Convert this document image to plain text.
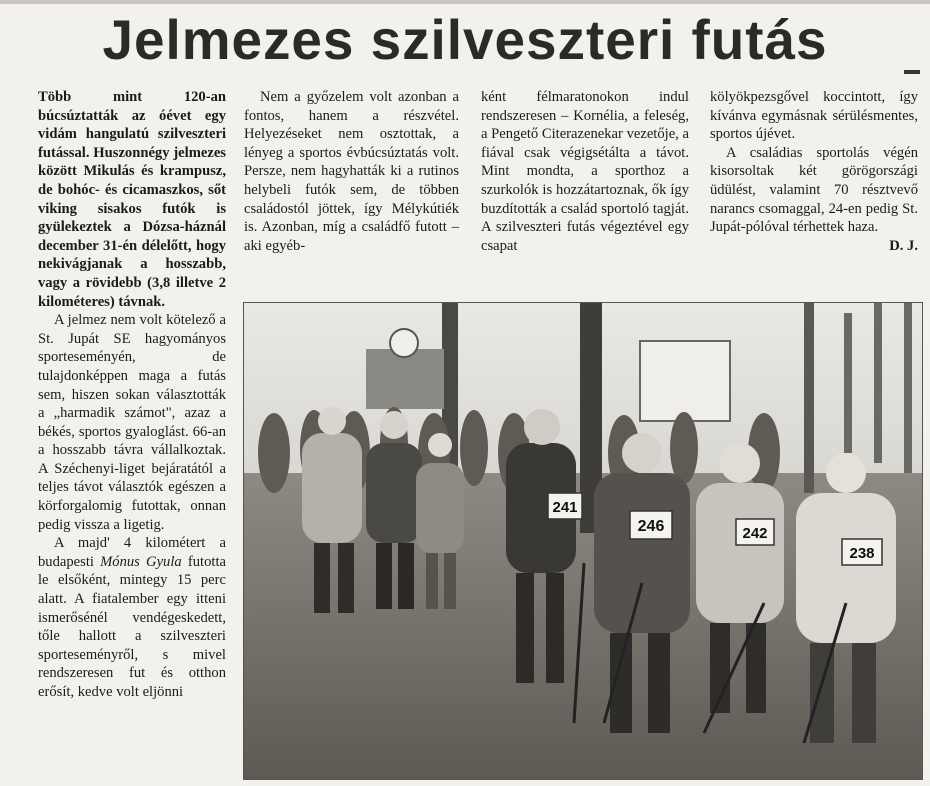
Jelmezes szilveszteri futás

Több mint 120-an búcsúztatták az óévet egy vidám hangulatú szilveszteri futással. Huszonnégy jelmezes között Mikulás és krampusz, de bohóc- és cicamaszkos, sőt viking sisakos futók is gyülekeztek a Dózsa-háznál december 31-én délelőtt, hogy nekivágjanak a hosszabb, vagy a rövidebb (3,8 illetve 2 kilométeres) távnak.

A jelmez nem volt kötelező a St. Jupát SE hagyományos sporteseményén, de tulajdonképpen maga a futás sem, hiszen sokan választották a „harmadik számot", azaz a békés, sportos gyaloglást. 66-an a hosszabb távra vállalkoztak. A Széchenyi-liget bejáratától a teljes távot választók egészen a körforgalomig futottak, onnan pedig vissza a ligetig.

A majd' 4 kilométert a budapesti Mónus Gyula futotta le elsőként, mintegy 15 perc alatt. A fiatalember egy itteni ismerősénél vendégeskedett, tőle hallott a szilveszteri sporteseményről, s mivel rendszeresen fut és otthon erősít, kedve volt eljönni

Nem a győzelem volt azonban a fontos, hanem a részvétel. Helyezéseket nem osztottak, a lényeg a sportos évbúcsúztatás volt. Persze, nem hagyhatták ki a rutinos helybeli futók sem, de többen családostól jöttek, így Mélykútiék is. Azonban, míg a családfő futott – aki egyéb-

ként félmaratonokon indul rendszeresen – Kornélia, a feleség, a Pengető Citerazenekar vezetője, a fiával csak végigsétálta a távot. Mint mondta, a sporthoz a szurkolók is hozzátartoznak, ők így buzdították a család sportoló tagját. A szilveszteri futás végeztével egy csapat

kölyökpezsgővel koccintott, így kívánva egymásnak sérülésmentes, sportos újévet.

A családias sportolás végén kisorsoltak két görögországi üdülést, valamint 70 résztvevő narancs csomaggal, 24-en pedig St. Jupát-pólóval térhettek haza.

D. J.

241
246	242
238
